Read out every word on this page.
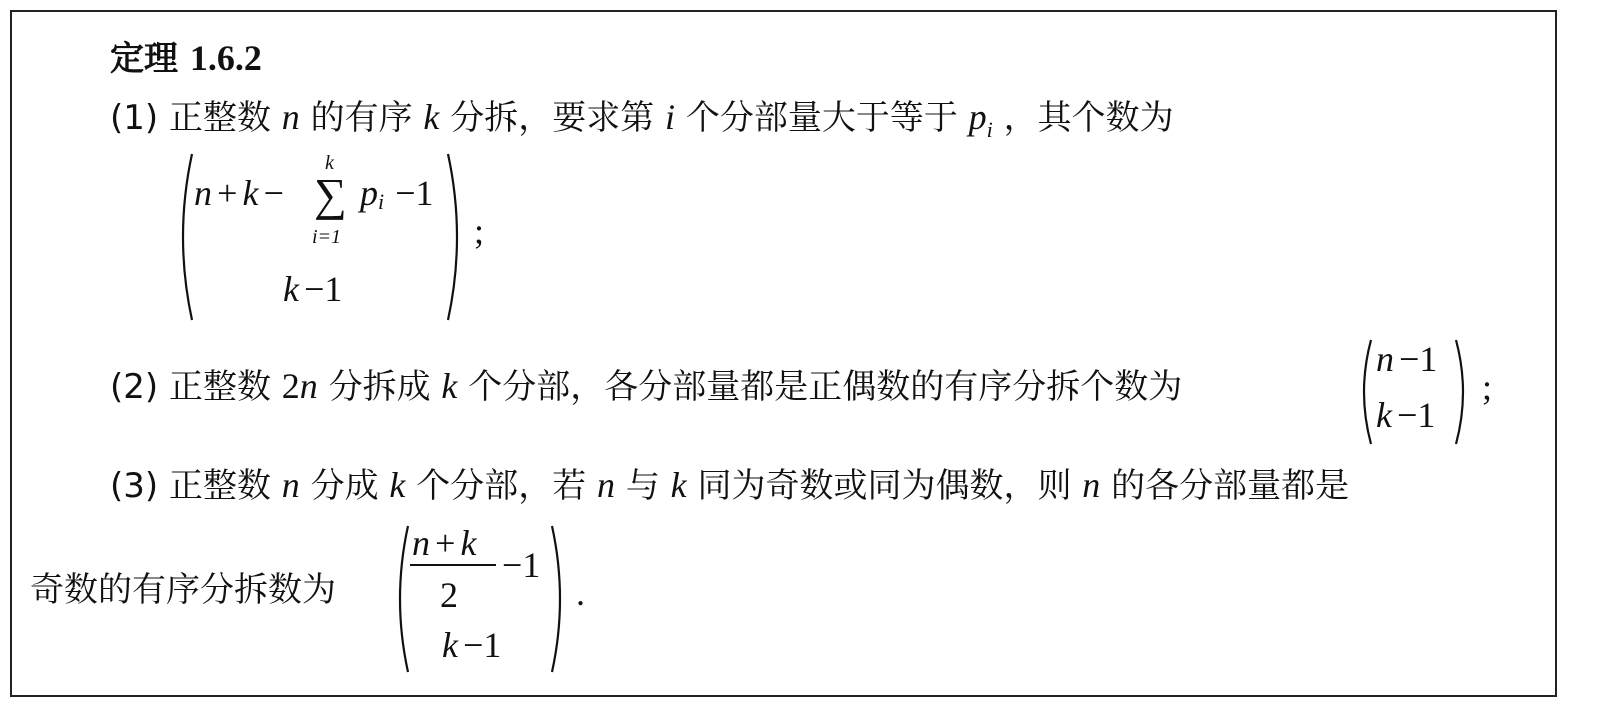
定理 1.6.2
(1) 正整数 n 的有序 k 分拆，要求第 i 个分部量大于等于 $p_i$ ，其个数为
n + k −
k
∑
i=1
$p_i -1$
k −1
;
(2) 正整数 2n 分拆成 k 个分部，各分部量都是正偶数的有序分拆个数为
n −1
k −1
;
(3) 正整数 n 分成 k 个分部，若 n 与 k 同为奇数或同为偶数，则 n 的各分部量都是
奇数的有序分拆数为
n + k
2
−1
k −1
.
